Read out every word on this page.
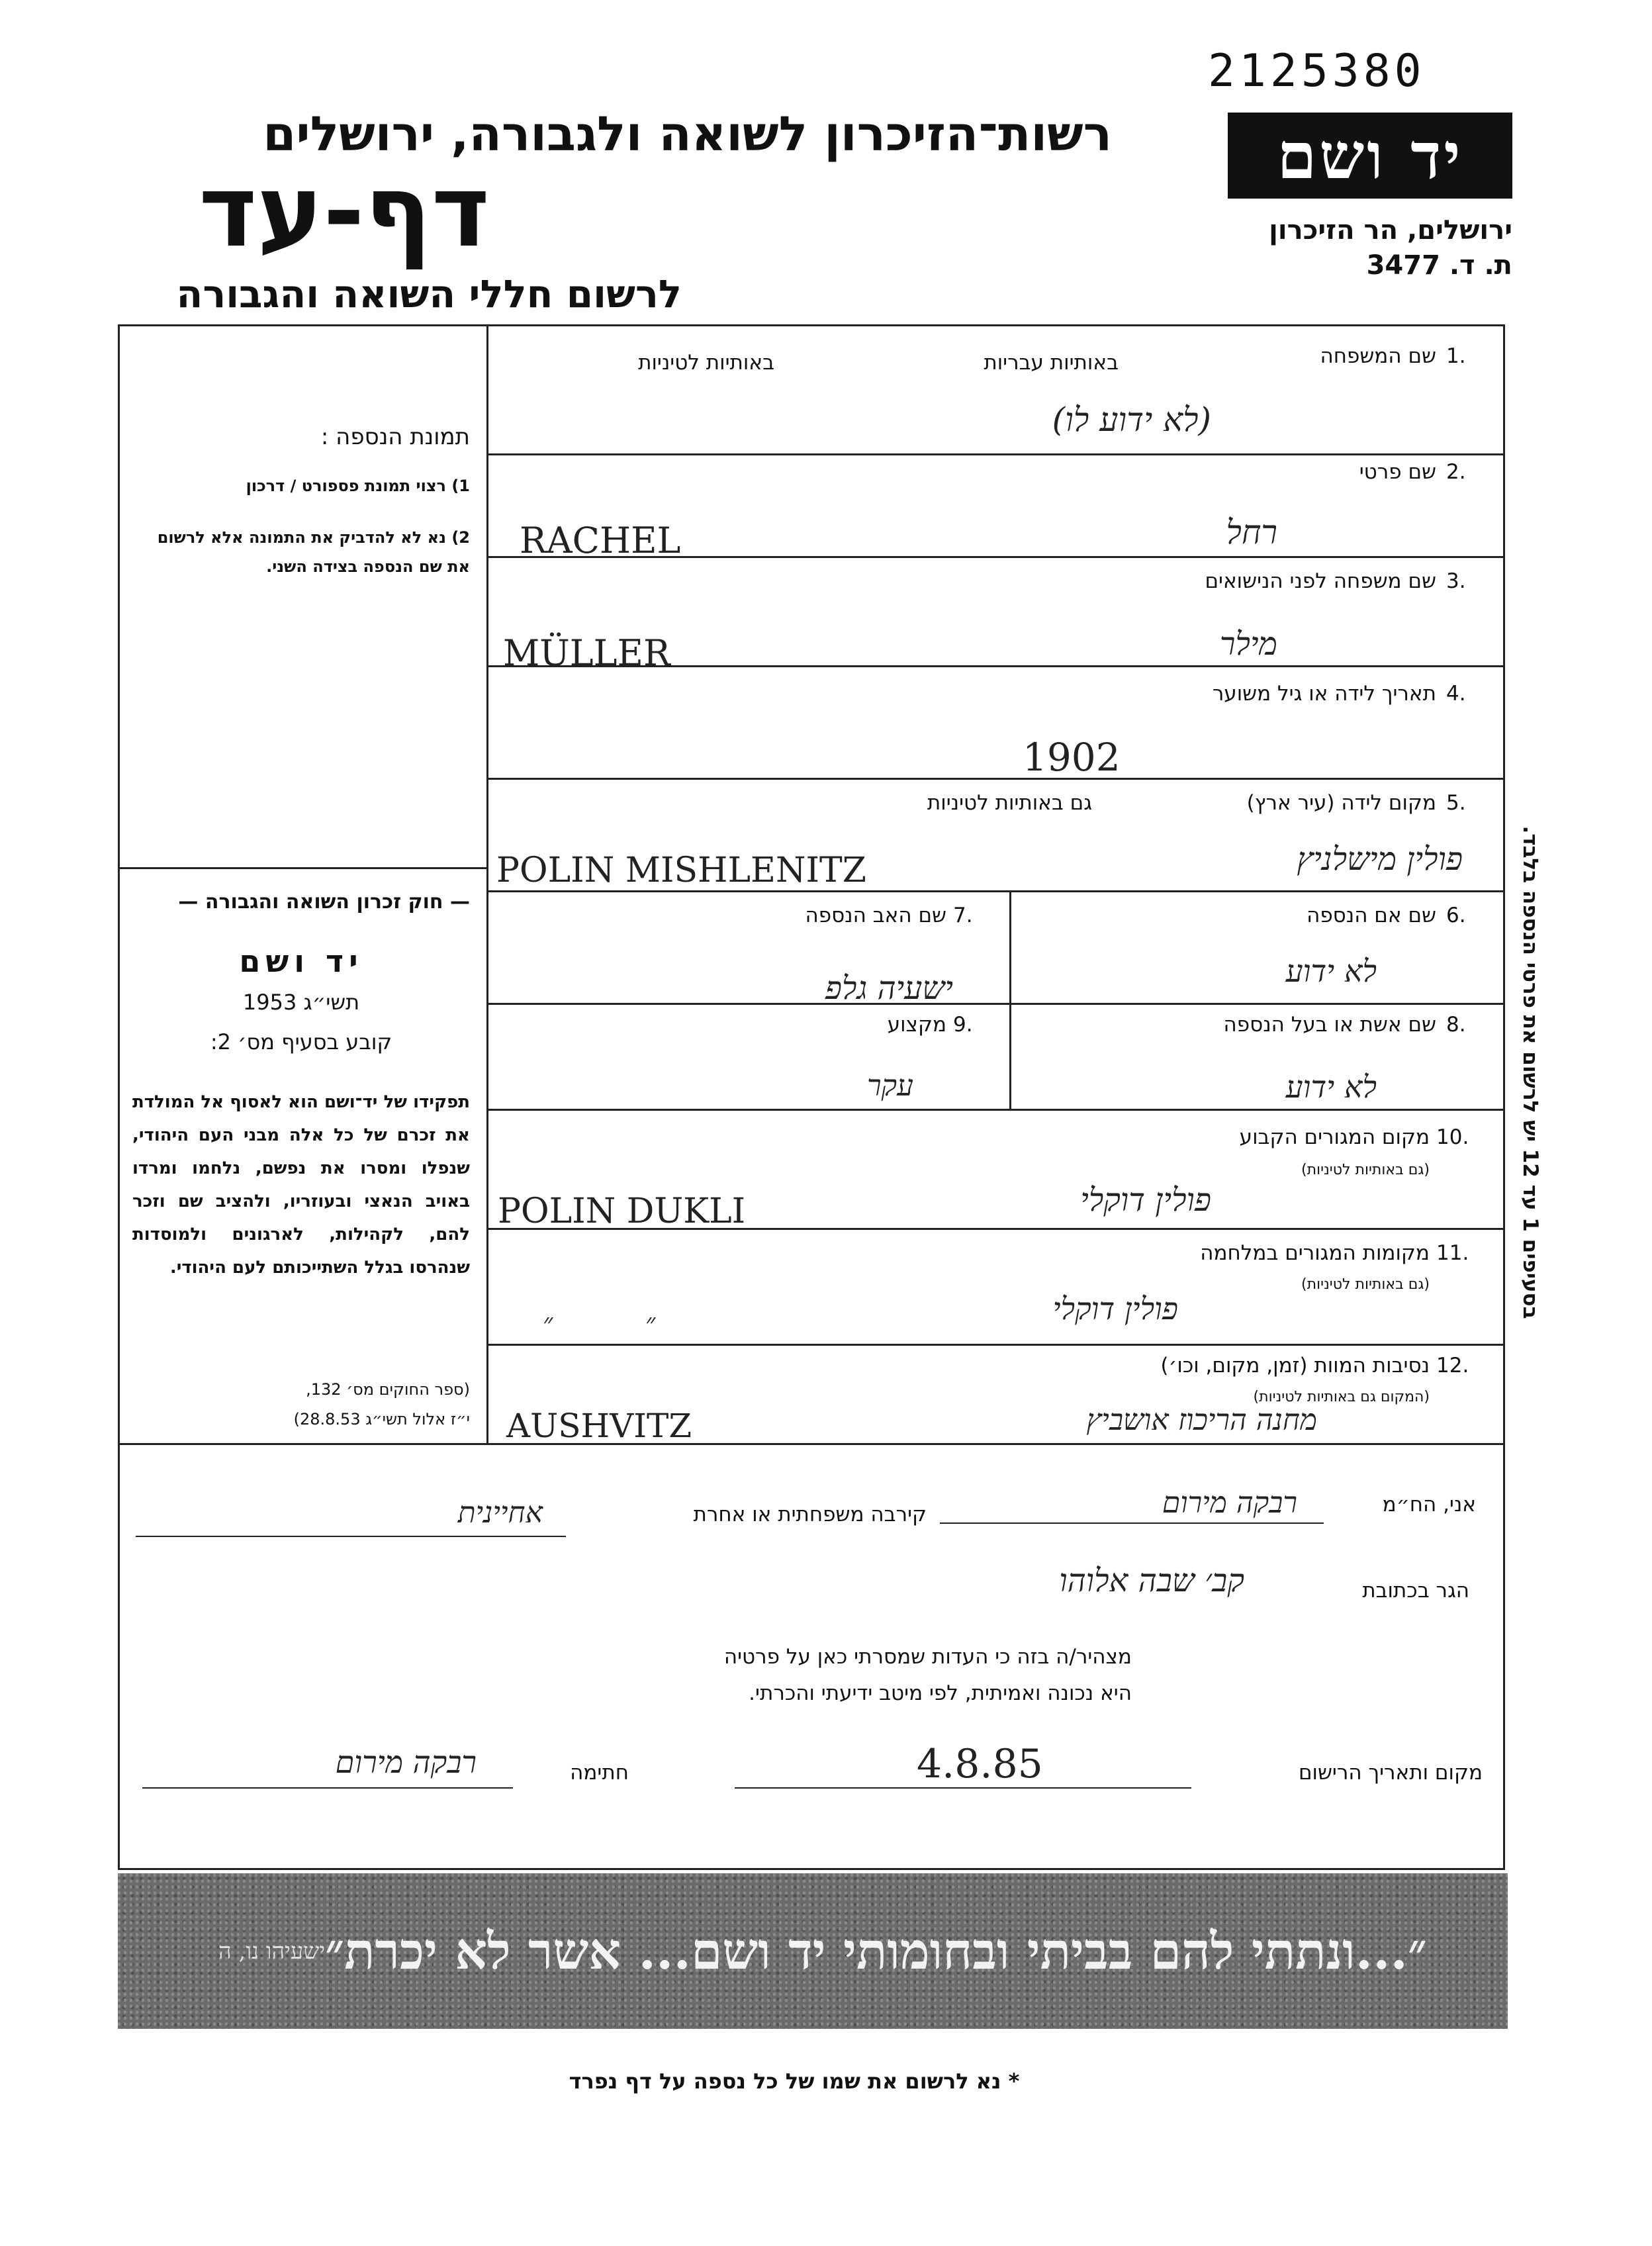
2125380
רשות־הזיכרון לשואה ולגבורה, ירושלים
דף-עד
לרשום חללי השואה והגבורה
יד ושם
ירושלים, הר הזיכרון
ת. ד. 3477
תמונת הנספה :
1) רצוי תמונת פספורט / דרכון
2) נא לא להדביק את התמונה אלא לרשום את שם הנספה בצידה השני.
— חוק זכרון השואה והגבורה —
יד ושם
תשי״ג 1953
קובע בסעיף מס׳ 2:
תפקידו של יד־ושם הוא לאסוף אל המולדת את זכרם של כל אלה מבני העם היהודי, שנפלו ומסרו את נפשם, נלחמו ומרדו באויב הנאצי ובעוזריו, ולהציב שם וזכר להם, לקהילות, לארגונים ולמוסדות שנהרסו בגלל השתייכותם לעם היהודי.
(ספר החוקים מס׳ 132,
י״ז אלול תשי״ג 28.8.53)
1.
שם המשפחה
באותיות עבריות
באותיות לטיניות
(לא ידוע לו)
2.
שם פרטי
RACHEL	רחל
3.
שם משפחה לפני הנישואים
MÜLLER	מילר
4.
תאריך לידה או גיל משוער
1902
5.
מקום לידה (עיר ארץ)
גם באותיות לטיניות
POLIN MISHLENITZ	פולין מישלניץ
6.
שם אם הנספה
לא ידוע
7.
שם האב הנספה
ישעיה גלפ
8.
שם אשת או בעל הנספה
לא ידוע
9.
מקצוע
עקר
10.
מקום המגורים הקבוע
(גם באותיות לטיניות)
POLIN DUKLI	פולין דוקלי
11.
מקומות המגורים במלחמה
(גם באותיות לטיניות)
״           ״	פולין דוקלי
12.
נסיבות המוות (זמן, מקום, וכו׳)
(המקום גם באותיות לטיניות)
AUSHVITZ	מחנה הריכוז אושביץ
אני, הח״מ
רבקה מירום
קירבה משפחתית או אחרת
אחיינית
הגר בכתובת
קב׳ שבה אלוהו
מצהיר/ה בזה כי העדות שמסרתי כאן על פרטיה
היא נכונה ואמיתית, לפי מיטב ידיעתי והכרתי.
מקום ותאריך הרישום
4.8.85
חתימה
רבקה מירום
״...ונתתי להם בביתי ובחומותי יד ושם... אשר לא יכרת״
ישעיהו נו, ה
בסעיפים 1 עד 12 יש לרשום את פרטי הנספה בלבד.
* נא לרשום את שמו של כל נספה על דף נפרד
